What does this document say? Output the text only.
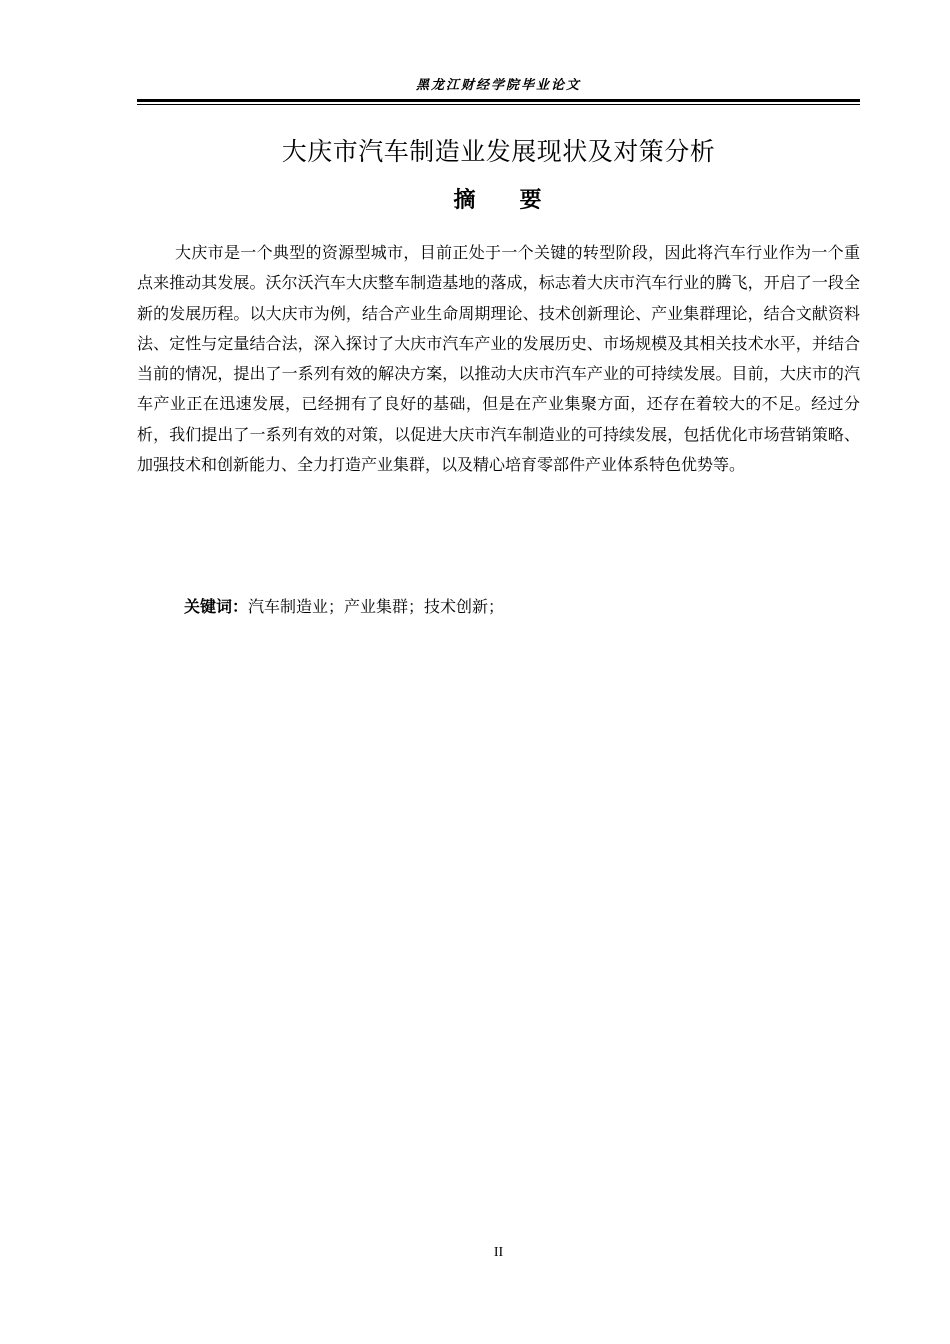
黑龙江财经学院毕业论文
大庆市汽车制造业发展现状及对策分析
摘 要

大庆市是一个典型的资源型城市，目前正处于一个关键的转型阶段，因此将汽车行业作为一个重点来推动其发展。沃尔沃汽车大庆整车制造基地的落成，标志着大庆市汽车行业的腾飞，开启了一段全新的发展历程。以大庆市为例，结合产业生命周期理论、技术创新理论、产业集群理论，结合文献资料法、定性与定量结合法，深入探讨了大庆市汽车产业的发展历史、市场规模及其相关技术水平，并结合当前的情况，提出了一系列有效的解决方案，以推动大庆市汽车产业的可持续发展。目前，大庆市的汽车产业正在迅速发展，已经拥有了良好的基础，但是在产业集聚方面，还存在着较大的不足。经过分析，我们提出了一系列有效的对策，以促进大庆市汽车制造业的可持续发展，包括优化市场营销策略、加强技术和创新能力、全力打造产业集群，以及精心培育零部件产业体系特色优势等。

关键词：汽车制造业；产业集群；技术创新；
II
